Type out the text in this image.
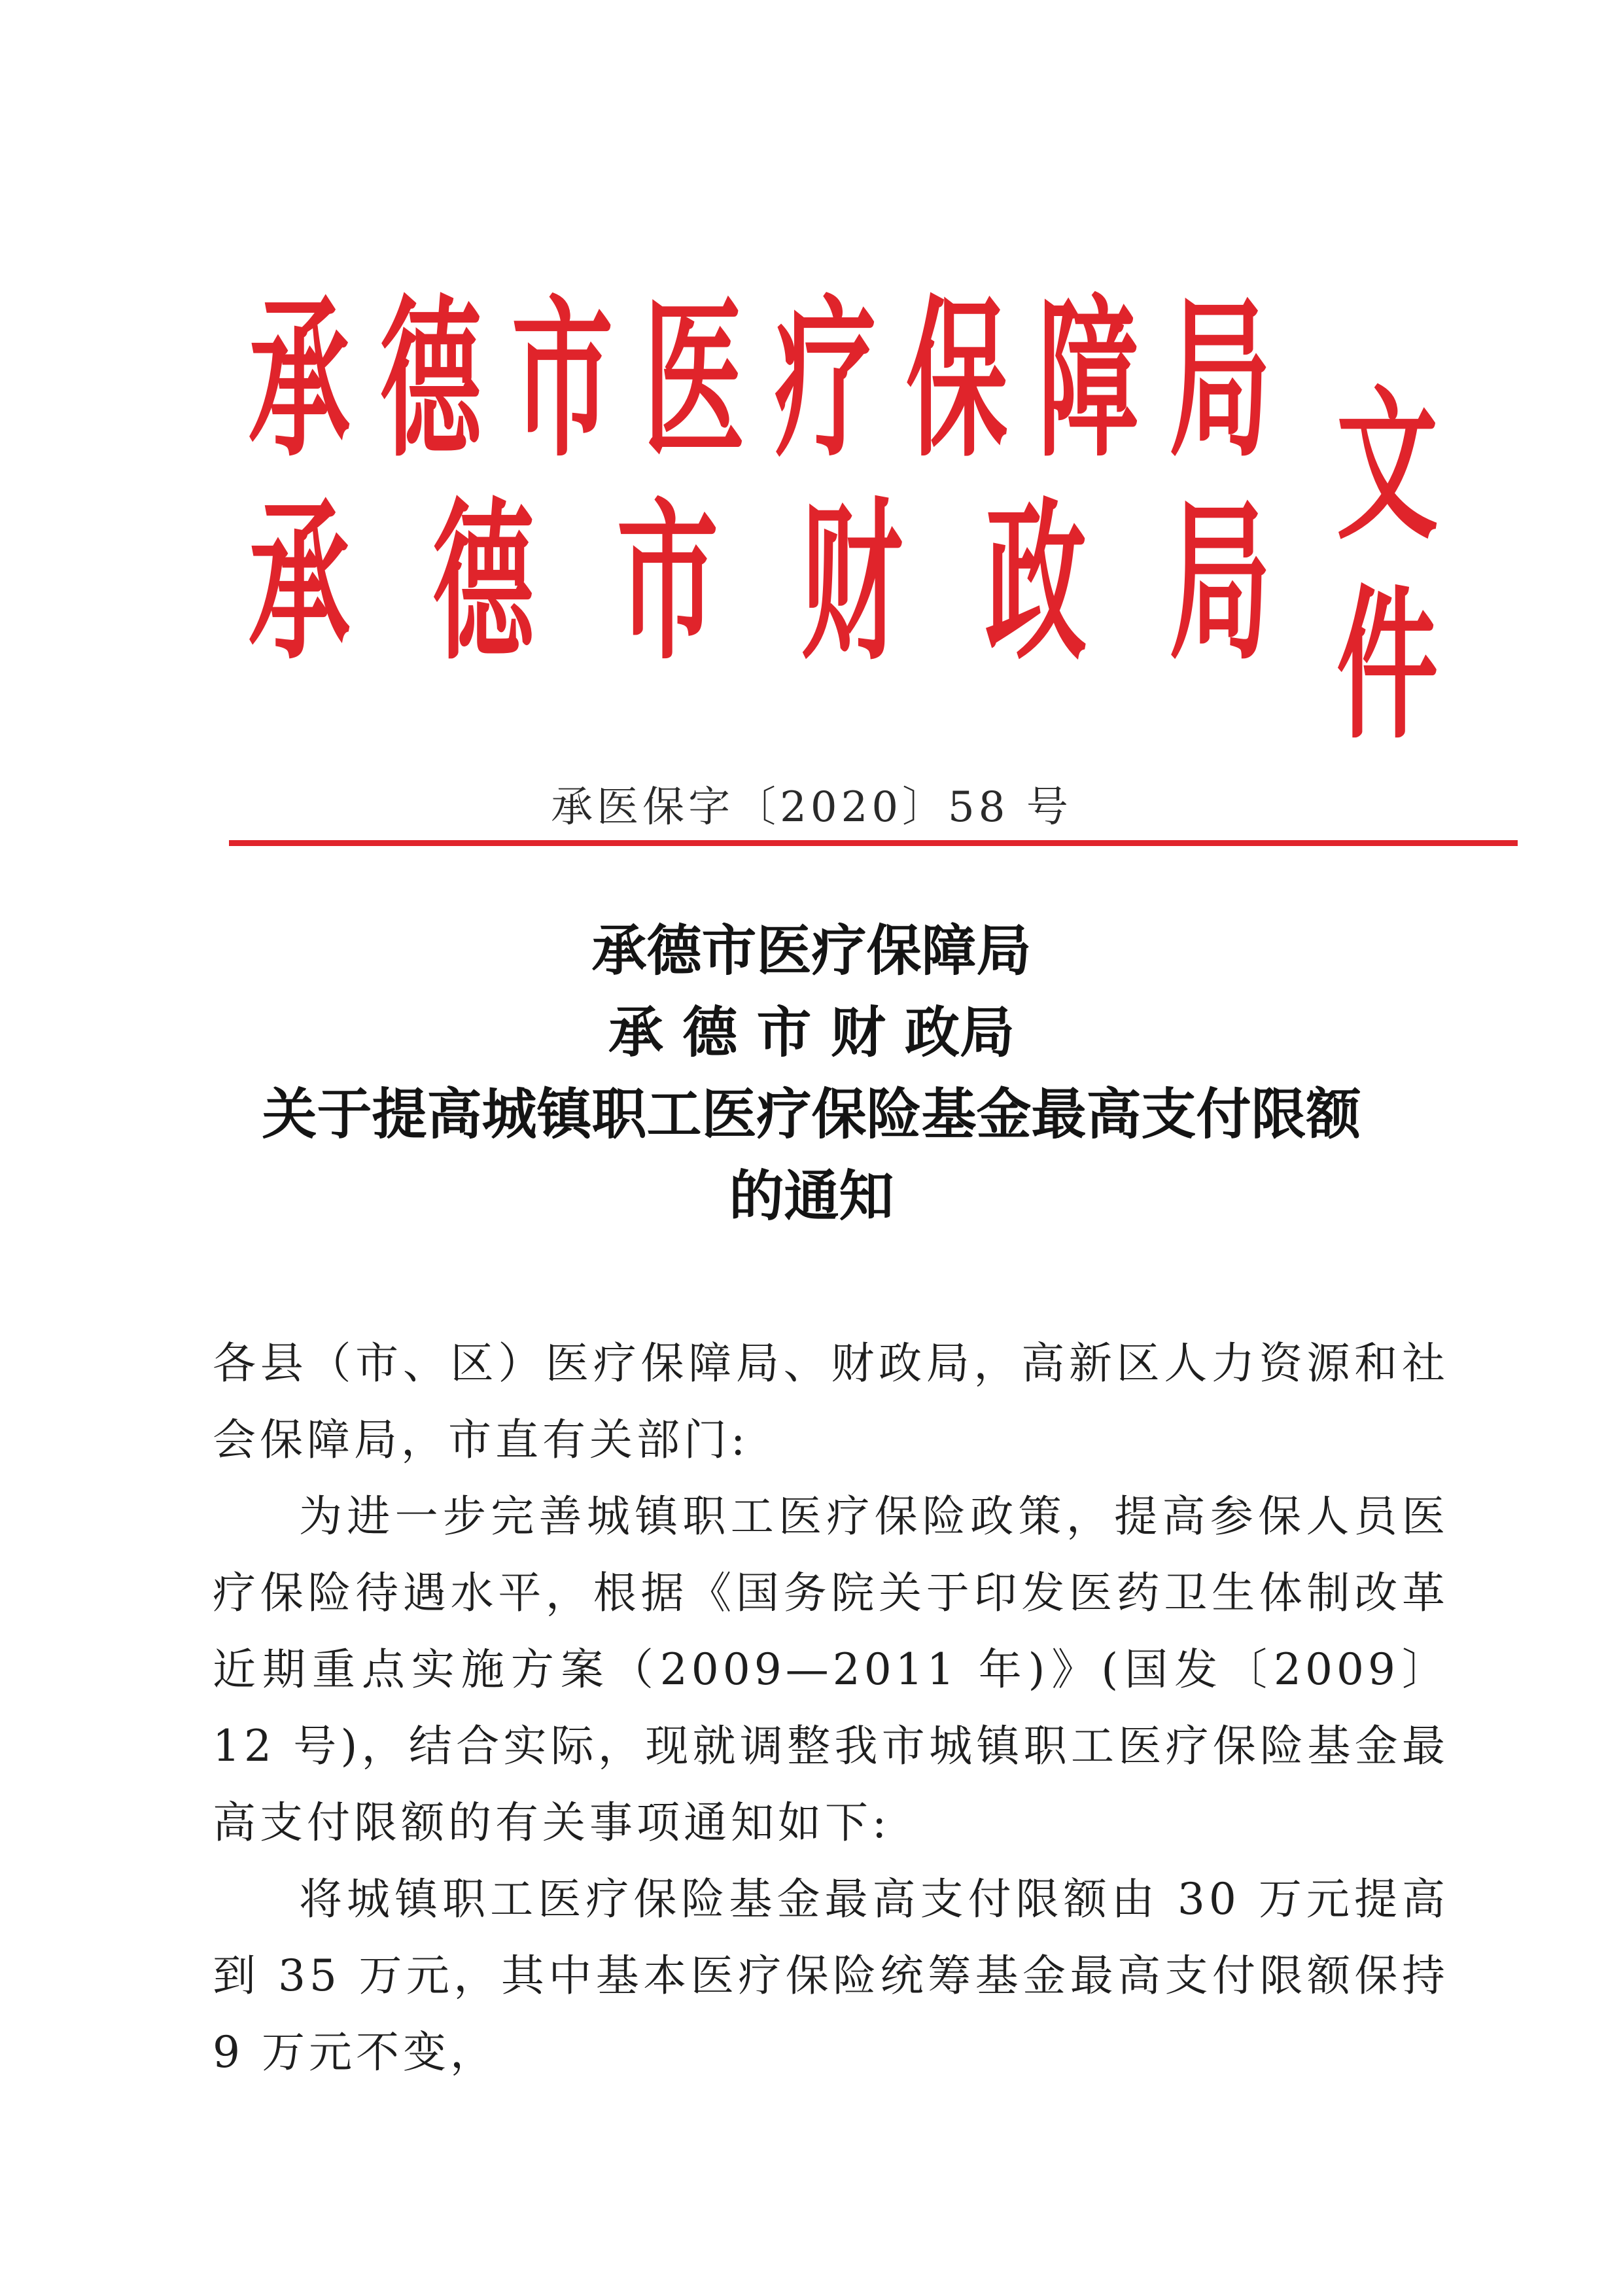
承 德 市 医 疗 保 障 局
承 德 市 财 政 局
文
件
承医保字〔2020〕58 号
承德市医疗保障局
承 德 市 财 政局
关于提高城镇职工医疗保险基金最高支付限额
的通知

各县（市、区）医疗保障局、财政局，高新区人力资源和社会保障局，市直有关部门:

为进一步完善城镇职工医疗保险政策，提高参保人员医疗保险待遇水平，根据《国务院关于印发医药卫生体制改革近期重点实施方案（2009—2011 年)》(国发〔2009〕12 号)，结合实际，现就调整我市城镇职工医疗保险基金最高支付限额的有关事项通知如下:

将城镇职工医疗保险基金最高支付限额由 30 万元提高到 35 万元，其中基本医疗保险统筹基金最高支付限额保持 9 万元不变，
